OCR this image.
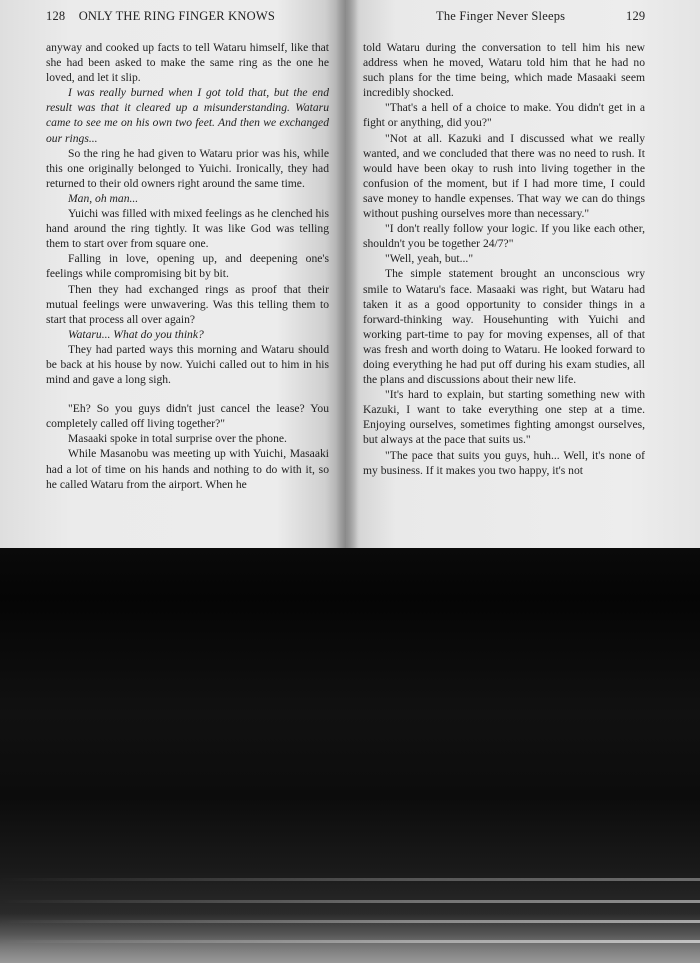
128 ONLY THE RING FINGER KNOWS

anyway and cooked up facts to tell Wataru himself, like that she had been asked to make the same ring as the one he loved, and let it slip.

I was really burned when I got told that, but the end result was that it cleared up a misunderstanding. Wataru came to see me on his own two feet. And then we exchanged our rings...

So the ring he had given to Wataru prior was his, while this one originally belonged to Yuichi. Ironically, they had returned to their old owners right around the same time.

Man, oh man...

Yuichi was filled with mixed feelings as he clenched his hand around the ring tightly. It was like God was telling them to start over from square one.

Falling in love, opening up, and deepening one's feelings while compromising bit by bit.

Then they had exchanged rings as proof that their mutual feelings were unwavering. Was this telling them to start that process all over again?

Wataru... What do you think?

They had parted ways this morning and Wataru should be back at his house by now. Yuichi called out to him in his mind and gave a long sigh.

"Eh? So you guys didn't just cancel the lease? You completely called off living together?"

Masaaki spoke in total surprise over the phone.

While Masanobu was meeting up with Yuichi, Masaaki had a lot of time on his hands and nothing to do with it, so he called Wataru from the airport. When he

The Finger Never Sleeps	129

told Wataru during the conversation to tell him his new address when he moved, Wataru told him that he had no such plans for the time being, which made Masaaki seem incredibly shocked.

"That's a hell of a choice to make. You didn't get in a fight or anything, did you?"

"Not at all. Kazuki and I discussed what we really wanted, and we concluded that there was no need to rush. It would have been okay to rush into living together in the confusion of the moment, but if I had more time, I could save money to handle expenses. That way we can do things without pushing ourselves more than necessary."

"I don't really follow your logic. If you like each other, shouldn't you be together 24/7?"

"Well, yeah, but..."

The simple statement brought an unconscious wry smile to Wataru's face. Masaaki was right, but Wataru had taken it as a good opportunity to consider things in a forward-thinking way. Househunting with Yuichi and working part-time to pay for moving expenses, all of that was fresh and worth doing to Wataru. He looked forward to doing everything he had put off during his exam studies, all the plans and discussions about their new life.

"It's hard to explain, but starting something new with Kazuki, I want to take everything one step at a time. Enjoying ourselves, sometimes fighting amongst ourselves, but always at the pace that suits us."

"The pace that suits you guys, huh... Well, it's none of my business. If it makes you two happy, it's not
